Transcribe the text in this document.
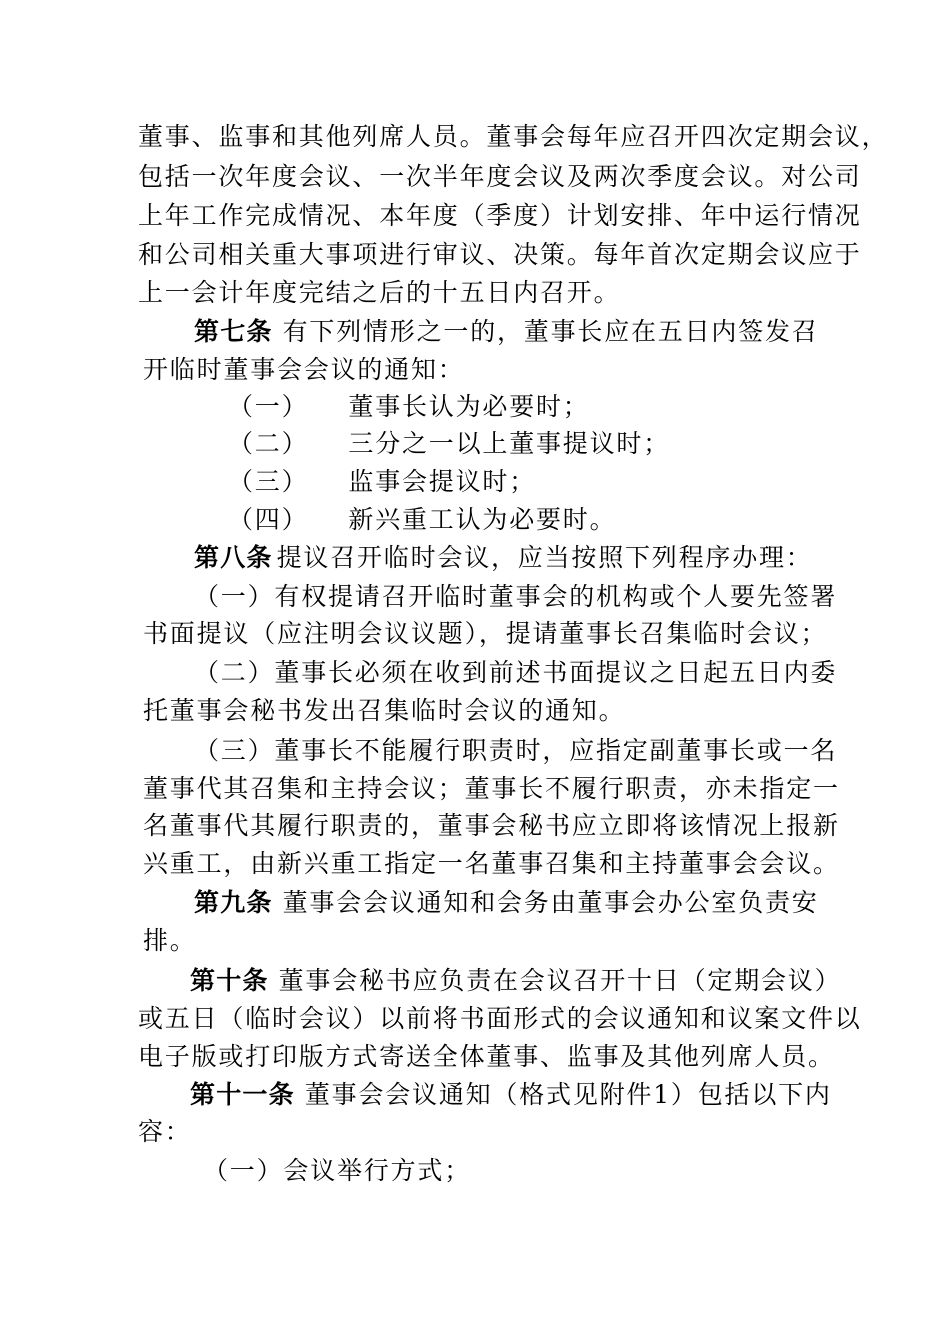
董事、监事和其他列席人员。董事会每年应召开四次定期会议，
包括一次年度会议、一次半年度会议及两次季度会议。对公司
上年工作完成情况、本年度（季度）计划安排、年中运行情况
和公司相关重大事项进行审议、决策。每年首次定期会议应于
上一会计年度完结之后的十五日内召开。
第七条 有下列情形之一的，董事长应在五日内签发召
开临时董事会会议的通知：
（一） 董事长认为必要时；
（二） 三分之一以上董事提议时；
（三） 监事会提议时；
（四） 新兴重工认为必要时。
第八条 提议召开临时会议，应当按照下列程序办理：
（一）有权提请召开临时董事会的机构或个人要先签署
书面提议（应注明会议议题），提请董事长召集临时会议；
（二）董事长必须在收到前述书面提议之日起五日内委
托董事会秘书发出召集临时会议的通知。
（三）董事长不能履行职责时，应指定副董事长或一名
董事代其召集和主持会议；董事长不履行职责，亦未指定一
名董事代其履行职责的，董事会秘书应立即将该情况上报新
兴重工，由新兴重工指定一名董事召集和主持董事会会议。
第九条 董事会会议通知和会务由董事会办公室负责安
排。
第十条 董事会秘书应负责在会议召开十日（定期会议）
或五日（临时会议）以前将书面形式的会议通知和议案文件以
电子版或打印版方式寄送全体董事、监事及其他列席人员。
第十一条 董事会会议通知（格式见附件1）包括以下内
容：
（一）会议举行方式；
